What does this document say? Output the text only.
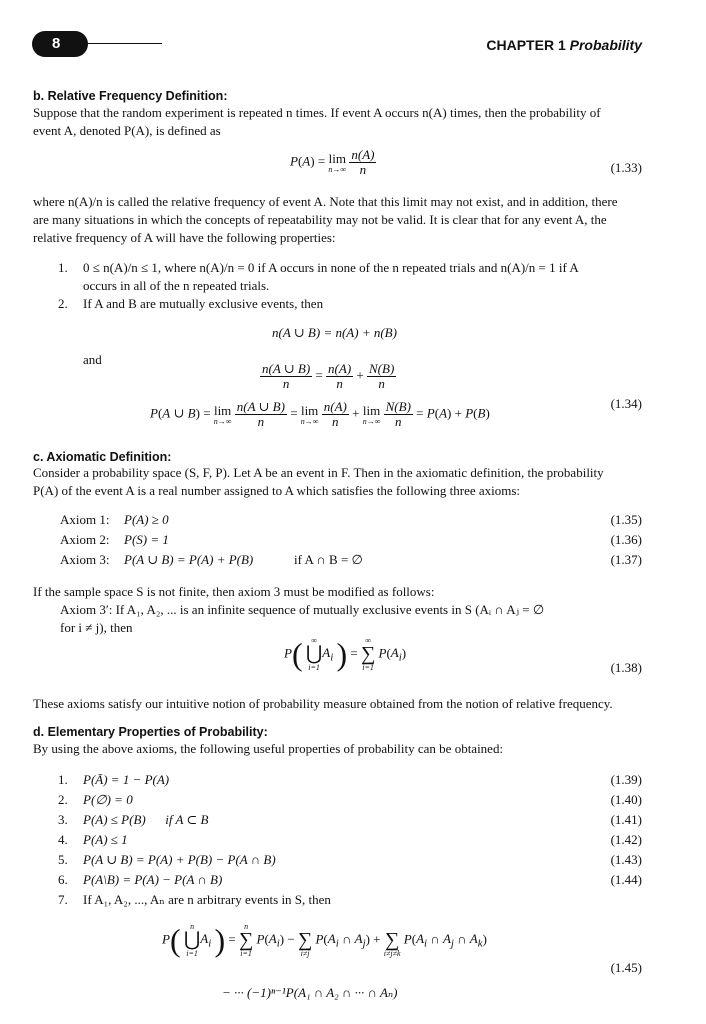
8	CHAPTER 1 Probability
b. Relative Frequency Definition:
Suppose that the random experiment is repeated n times. If event A occurs n(A) times, then the probability of
event A, denoted P(A), is defined as
P(A) = lim
n→∞
$\frac{n(A)}{n}$	(1.33)
where n(A)/n is called the relative frequency of event A. Note that this limit may not exist, and in addition, there
are many situations in which the concepts of repeatability may not be valid. It is clear that for any event A, the
relative frequency of A will have the following properties:
1. 0 ≤ n(A)/n ≤ 1, where n(A)/n = 0 if A occurs in none of the n repeated trials and n(A)/n = 1 if A
occurs in all of the n repeated trials.
2. If A and B are mutually exclusive events, then
n(A ∪ B) = n(A) + n(B)
and
$\frac{n(A \cup B)}{n} = \frac{n(A)}{n} + \frac{N(B)}{n}$
P(A ∪ B) = lim
n→∞
$\frac{n(A \cup B)}{n} = \lim$
n→∞
$\frac{n(A)}{n} + \lim$
n→∞
$\frac{N(B)}{n} = P(A) + P(B)$
(1.34)
c. Axiomatic Definition:
Consider a probability space (S, F, P). Let A be an event in F. Then in the axiomatic definition, the probability
P(A) of the event A is a real number assigned to A which satisfies the following three axioms:
Axiom 1: P(A) ≥ 0	(1.35)
Axiom 2: P(S) = 1	(1.36)
Axiom 3: P(A ∪ B) = P(A) + P(B)	if A ∩ B = ∅	(1.37)
If the sample space S is not finite, then axiom 3 must be modified as follows:
Axiom 3′: If A₁, A₂, ... is an infinite sequence of mutually exclusive events in S (Aᵢ ∩ Aⱼ = ∅
for i ≠ j), then
P(	∞
⋃
i=1
$A_i$ ) =
∞
∑
i=1
$P(A_i)$
(1.38)
These axioms satisfy our intuitive notion of probability measure obtained from the notion of relative frequency.
d. Elementary Properties of Probability:
By using the above axioms, the following useful properties of probability can be obtained:
1. P(Ā) = 1 − P(A)	(1.39)
2. P(∅) = 0	(1.40)
3. P(A) ≤ P(B)      if A ⊂ B	(1.41)
4. P(A) ≤ 1	(1.42)
5. P(A ∪ B) = P(A) + P(B) − P(A ∩ B)	(1.43)
6. P(A\B) = P(A) − P(A ∩ B)	(1.44)
7. If A₁, A₂, ..., Aₙ are n arbitrary events in S, then
P(	n
⋃
i=1
$A_i$ ) =
n
∑
i=1
$P(A_i)$ −
∑
i≠j
$P(A_i$ ∩ $A_j$) +
∑
i≠j≠k
$P(A_i$ ∩ $A_j$ ∩ $A_k$)
(1.45)
− ··· (−1)ⁿ⁻¹P(A₁ ∩ A₂ ∩ ··· ∩ Aₙ)
